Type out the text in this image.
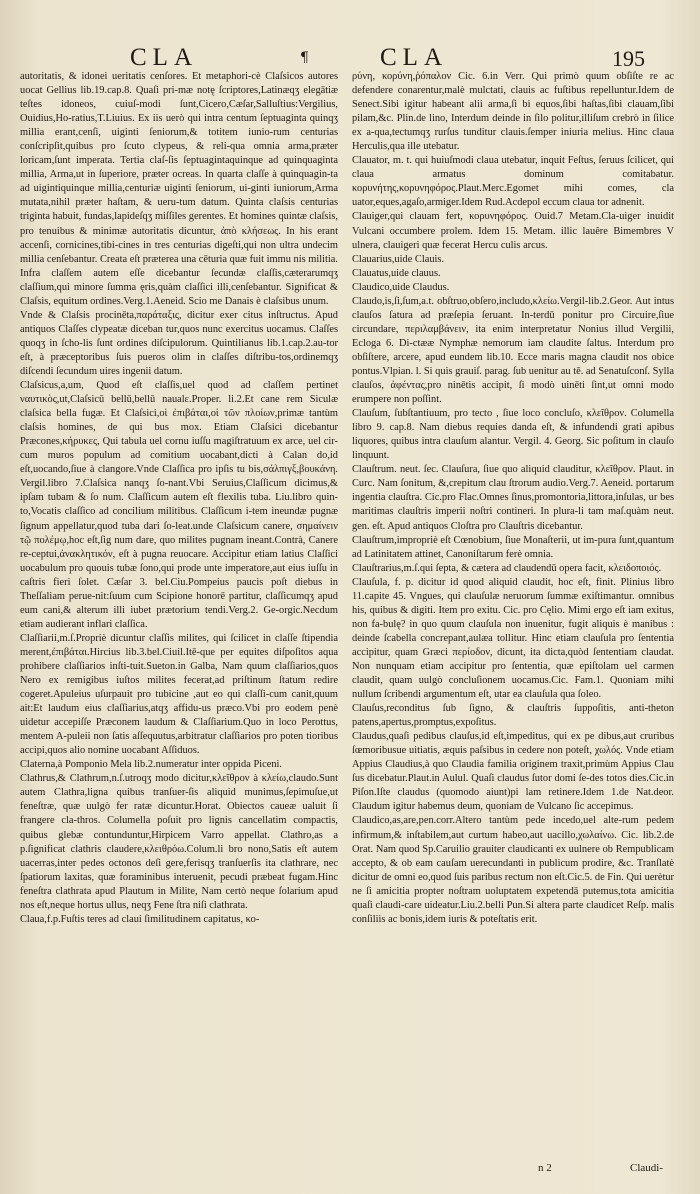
CLA	¶	CLA	195

autoritatis, & idonei ueritatis cenſores. Et metaphori-cè Claſsicos autores uocat Gellius lib.19.cap.8. Quaſi pri-mæ notę ſcriptores,Latinæqʒ elegātiæ teſtes idoneos, cuiuſ-modi ſunt,Cicero,Cæſar,Salluſtius:Vergilius, Ouidius,Ho-ratius,T.Liuius. Ex iis uerò qui intra centum ſeptuaginta quinqʒ millia erant,cenſi, uiginti ſeniorum,& totitem iunio-rum centurias conſcripſit,quibus pro ſcuto clypeus, & reli-qua omnia arma,præter loricam,ſunt imperata. Tertia claſ-ſis ſeptuagintaquinque ad quinquaginta millia, Arma,ut in ſuperiore, præter ocreas. In quarta claſſe à quinquagin-ta ad uigintiquinque millia,centuriæ uiginti ſeniorum, ui-ginti iuniorum,Arma mutata,nihil præter haſtam, & ueru-tum datum. Quinta claſsis centurias triginta habuit, fundas,lapideſqʒ miſſiles gerentes. Et homines quintæ claſsis, pro tenuibus & minimæ autoritatis dicuntur, ἀπὸ κλήσεως. In his erant accenſi, cornicines,tibi-cines in tres centurias digeſti,qui non ultra undecim millia cenſebantur. Creata eſt præterea una cēturia quæ fuit immu nis militia. Infra claſſem autem eſſe dicebantur ſecundæ claſſis,cæterarumqʒ claſſium,qui minore ſumma ęris,quàm claſſici illi,cenſebantur. Significat & Claſsis, equitum ordines.Verg.1.Aeneid. Scio me Danais è claſsibus unum.

Vnde & Claſsis procinēta,παράταξις, dicitur exer citus inſtructus. Apud antiquos Claſſes clypeatæ diceban tur,quos nunc exercitus uocamus. Claſſes quoqʒ in ſcho-lis ſunt ordines diſcipulorum. Quintilianus lib.1.cap.2.au-tor eſt, à præceptoribus ſuis pueros olim in claſſes diſtribu-tos,ordinemqʒ diſcendi ſecundum uires ingenii datum.

Claſsicus,a,um, Quod eſt claſſis,uel quod ad claſſem pertinet ναυτικὸς,ut,Claſsicū bellū,bellū naualε.Proper. li.2.Et cane rem Siculæ claſsica bella fugæ. Et Claſsici,οἱ ἐπιβάται,οἱ τῶν πλοίων,primæ tantùm claſsis homines, de qui bus mox. Etiam Claſsici dicebantur Præcones,κήρυκες, Qui tabula uel cornu iuſſu magiſtratuum ex arce, uel cir-cum muros populum ad comitium uocabant,dicti à Calan do,id eſt,uocando,ſiue à clangore.Vnde Claſſica pro ipſis tu bis,σάλπιγξ,βουκάνη. Vergil.libro 7.Claſsica nanqʒ ſo-nant.Vbi Seruius,Claſſicum dicimus,& ipſam tubam & ſo num. Claſſicum autem eſt flexilis tuba. Liu.libro quin-to,Vocatis claſſico ad concilium militibus. Claſſicum i-tem ineundæ pugnæ ſignum appellatur,quod tuba dari ſo-leat.unde Claſsicum canere, σημαίνειν τῷ πολέμῳ,hoc eſt,ſig num dare, quo milites pugnam ineant.Contrà, Canere re-ceptui,ἀνακλητικόν, eſt à pugna reuocare. Accipitur etiam latius Claſſici uocabulum pro quouis tubæ ſono,qui prode unte imperatore,aut eius iuſſu in caſtris fieri ſolet. Cæſar 3. bel.Ciu.Pompeius paucis poſt diebus in Theſſaliam perue-nit:ſuum cum Scipione honorē partitur, claſſicumqʒ apud eum cani,& alterum illi iubet prætorium tendi.Verg.2. Ge-orgic.Necdum etiam audierant inflari claſſica.

Claſſiarii,m.ſ.Propriè dicuntur claſſis milites, qui ſcilicet in claſſe ſtipendia merent,ἐπιβάται.Hircius lib.3.bel.Ciuil.Itē-que per equites diſpoſitos aqua prohibere claſſiarios inſti-tuit.Sueton.in Galba, Nam quum claſſiarios,quos Nero ex remigibus iuſtos milites fecerat,ad priſtinum ſtatum redire cogeret.Apuleius uſurpauit pro tubicine ,aut eo qui claſſi-cum canit,quum ait:Et laudum eius claſſiarius,atqʒ affidu-us præco.Vbi pro eodem penè uidetur accepiſſe Præconem laudum & Claſſiarium.Quo in loco Perottus, mentem A-puleii non ſatis aſſequutus,arbitratur claſſiarios pro poten tioribus accipi,quos alio nomine uocabant Aſſiduos.

Claterna,à Pomponio Mela lib.2.numeratur inter oppida Piceni.

Clathrus,& Clathrum,n.ſ.utroqʒ modo dicitur,κλεῖθρον à κλείω,claudo.Sunt autem Clathra,ligna quibus tranſuer-ſis aliquid munimus,ſepimuſue,ut feneſtræ, quæ uulgò fer ratæ dicuntur.Horat. Obiectos caueæ ualuit ſi frangere cla-thros. Columella poſuit pro lignis cancellatim compactis, quibus glebæ contunduntur,Hirpicem Varro appellat. Clathro,as a p.ſignificat clathris claudere,κλειθρόω.Colum.li bro nono,Satis eſt autem uacerras,inter pedes octonos deſi gere,ferisqʒ tranſuerſis ita clathrare, nec ſpatiorum laxitas, quæ foraminibus interuenit, pecudi præbeat fugam.Hinc feneſtra clathrata apud Plautum in Milite, Nam certò neque ſolarium apud nos eſt,neque hortus ullus, neqʒ Fene ſtra niſi clathrata.

Claua,f.p.Fuſtis teres ad claui ſimilitudinem capitatus, κο-

ρύνη, κορύνη,ῥόπαλον Cic. 6.in Verr. Qui primò quum obſiſte re ac defendere conarentur,malè mulctati, clauis ac fuſtibus repelluntur.Idem de Senect.Sibi igitur habeant alii arma,ſi bi equos,ſibi haſtas,ſibi clauam,ſibi pilam,&c. Plin.de lino, Interdum deinde in ſilo politur,illiſum crebrò in ſilice ex a-qua,tectumqʒ rurſus tunditur clauis.ſemper iniuria melius. Hinc claua Herculis,qua ille utebatur.

Clauator, m. t. qui huiuſmodi claua utebatur, inquit Feſtus, ſeruus ſcilicet, qui claua armatus dominum comitabatur. κορυνήτης,κορυνηφόρος.Plaut.Merc.Egomet mihi comes, cla uator,eques,agaſo,armiger.Idem Rud.Acdepol eccum claua tor adnenit.

Clauiger,qui clauam fert, κορυνηφόρος. Ouid.7 Metam.Cla-uiger inuidit Vulcani occumbere prolem. Idem 15. Metam. illic lauêre Bimembres V ulnera, clauigeri quæ fecerat Hercu culis arcus.

Clauarius,uide Clauis.

Clauatus,uide clauus.

Claudico,uide Claudus.

Claudo,is,ſi,ſum,a.t. obſtruo,obſero,includo,κλείω.Vergil-lib.2.Geor. Aut intus clauſos ſatura ad præſepia ſeruant. In-terdū ponitur pro Circuire,ſiue circundare, περιλαμβάνειν, ita enim interpretatur Nonius illud Vergilii, Ecloga 6. Di-ctææ Nymphæ nemorum iam claudite ſaltus. Interdum pro obſiſtere, arcere, apud eundem lib.10. Ecce maris magna claudit nos obice pontus.Vlpian. l. Si quis grauiſ. parag. ſub uenitur au tē. ad Senatuſconſ. Sylla clauſos, ἀφέντας,pro ninētis accipit, ſi modò uinēti ſint,ut omni modo erumpere non poſſint.

Clauſum, ſubſtantiuum, pro tecto , ſiue loco concluſo, κλεῖθρον. Columella libro 9. cap.8. Nam diebus requies danda eſt, & infundendi grati apibus liquores, quibus intra clauſum alantur. Vergil. 4. Georg. Sic poſitum in clauſo linquunt.

Clauſtrum. neut. ſec. Clauſura, ſiue quo aliquid clauditur, κλεῖθρον. Plaut. in Curc. Nam ſonitum, &,crepitum clau ſtrorum audio.Verg.7. Aeneid. portarum ingentia clauſtra. Cic.pro Flac.Omnes ſinus,promontoria,littora,inſulas, ur bes maritimas clauſtris imperii noſtri contineri. In plura-li tam maſ.quàm neut. gen. eſt. Apud antiquos Cloſtra pro Clauſtris dicebantur.

Clauſtrum,impropriè eſt Cœnobium, ſiue Monaſterii, ut im-pura ſunt,quantum ad Latinitatem attinet, Canoniſtarum ferè omnia.

Clauſtrarius,m.ſ.qui ſepta, & cætera ad claudendū opera facit, κλειδοποιός.

Clauſula, f. p. dicitur id quod aliquid claudit, hoc eſt, finit. Plinius libro 11.capite 45. Vngues, qui clauſulæ neruorum ſummæ exiſtimantur. omnibus his, quibus & digiti. Item pro exitu. Cic. pro Cęlio. Mimi ergo eſt iam exitus, non fa-bulę? in quo quum clauſula non inuenitur, fugit aliquis è manibus : deinde ſcabella concrepant,aulæa tollitur. Hinc etiam clauſula pro ſententia accipitur, quam Græci περίοδον, dicunt, ita dicta,quòd ſententiam claudat. Non nunquam etiam accipitur pro ſententia, quæ epiſtolam uel carmen claudit, quam uulgò concluſionem uocamus.Cic. Fam.1. Quoniam mihi nullum ſcribendi argumentum eſt, utar ea clauſula qua ſoleo.

Clauſus,reconditus ſub ſigno, & clauſtris ſuppoſitis, anti-theton patens,apertus,promptus,expoſitus.

Claudus,quaſi pedibus clauſus,id eſt,impeditus, qui ex pe dibus,aut cruribus ſœmoribusue uitiatis, æquis paſsibus in cedere non poteſt, χωλός. Vnde etiam Appius Claudius,à quo Claudia familia originem traxit,primùm Appius Clau ſus dicebatur.Plaut.in Aulul. Quaſi claudus ſutor domi ſe-des totos dies.Cic.in Piſon.Iſte claudus (quomodo aiunt)pi lam retinere.Idem 1.de Nat.deor. Claudum igitur habemus deum, quoniam de Vulcano ſic accepimus.

Claudico,as,are,pen.corr.Altero tantùm pede incedo,uel alte-rum pedem infirmum,& inſtabilem,aut curtum habeo,aut uacillo,χωλαίνω. Cic. lib.2.de Orat. Nam quod Sp.Caruilio grauiter claudicanti ex uulnere ob Rempublicam accepto, & ob eam cauſam uerecundanti in publicum prodire, &c. Tranſlatè dicitur de omni eo,quod ſuis paribus rectum non eſt.Cic.5. de Fin. Qui uerètur ne ſi amicitia propter noſtram uoluptatem expetendā putemus,tota amicitia quaſi claudi-care uideatur.Liu.2.belli Pun.Si altera parte claudicet Reſp. malis conſiliis ac bonis,idem iuris & poteſtatis erit.

n 2	Claudi-
